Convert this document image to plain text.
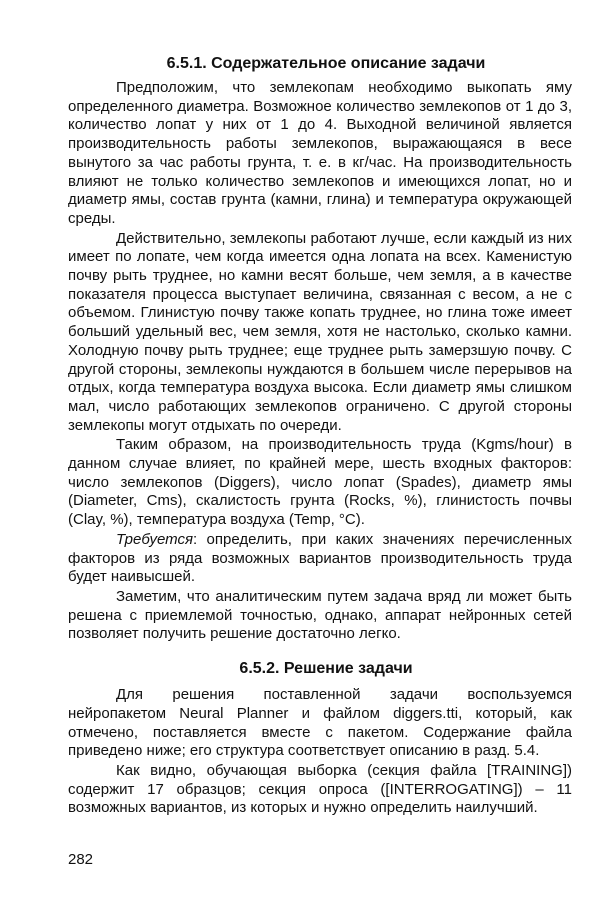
6.5.1. Содержательное описание задачи

Предположим, что землекопам необходимо выкопать яму определенного диаметра. Возможное количество землекопов от 1 до 3, количество лопат у них от 1 до 4. Выходной величиной является производительность работы землекопов, выражающаяся в весе вынутого за час работы грунта, т. е. в кг/час. На производительность влияют не только количество землекопов и имеющихся лопат, но и диаметр ямы, состав грунта (камни, глина) и температура окружающей среды.

Действительно, землекопы работают лучше, если каждый из них имеет по лопате, чем когда имеется одна лопата на всех. Каменистую почву рыть труднее, но камни весят больше, чем земля, а в качестве показателя процесса выступает величина, связанная с весом, а не с объемом. Глинистую почву также копать труднее, но глина тоже имеет больший удельный вес, чем земля, хотя не настолько, сколько камни. Холодную почву рыть труднее; еще труднее рыть замерзшую почву. С другой стороны, землекопы нуждаются в большем числе перерывов на отдых, когда температура воздуха высока. Если диаметр ямы слишком мал, число работающих землекопов ограничено. С другой стороны землекопы могут отдыхать по очереди.

Таким образом, на производительность труда (Kgms/hour) в данном случае влияет, по крайней мере, шесть входных факторов: число землекопов (Diggers), число лопат (Spades), диаметр ямы (Diameter, Cms), скалистость грунта (Rocks, %), глинистость почвы (Clay, %), температура воздуха (Temp, °C).

Требуется: определить, при каких значениях перечисленных факторов из ряда возможных вариантов производительность труда будет наивысшей.

Заметим, что аналитическим путем задача вряд ли может быть решена с приемлемой точностью, однако, аппарат нейронных сетей позволяет получить решение достаточно легко.

6.5.2. Решение задачи

Для решения поставленной задачи воспользуемся нейропакетом Neural Planner и файлом diggers.tti, который, как отмечено, поставляется вместе с пакетом. Содержание файла приведено ниже; его структура соответствует описанию в разд. 5.4.

Как видно, обучающая выборка (секция файла [TRAINING]) содержит 17 образцов; секция опроса ([INTERROGATING]) – 11 возможных вариантов, из которых и нужно определить наилучший.

282
